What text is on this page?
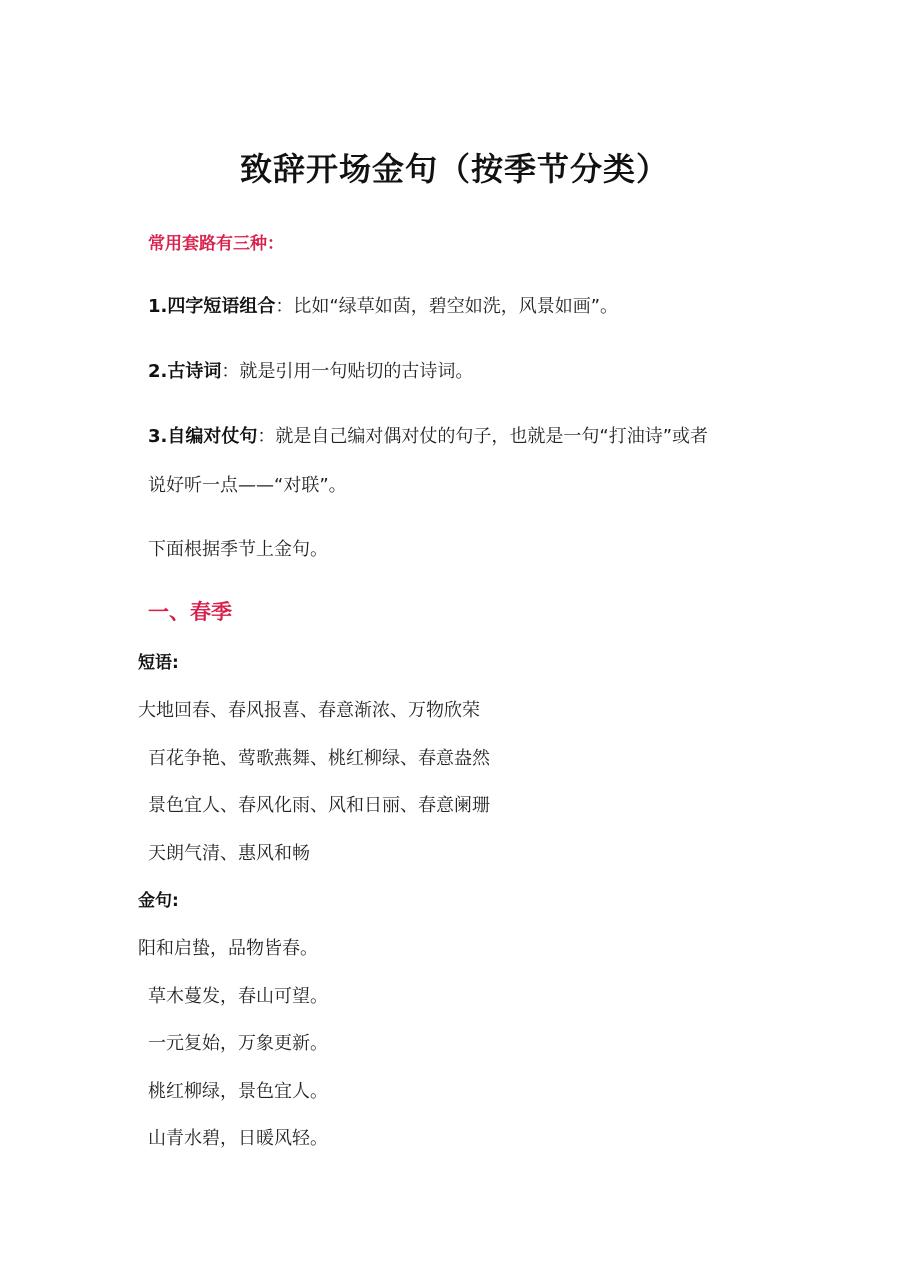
致辞开场金句（按季节分类）
常用套路有三种：
1.四字短语组合：比如“绿草如茵，碧空如洗，风景如画”。
2.古诗词：就是引用一句贴切的古诗词。
3.自编对仗句：就是自己编对偶对仗的句子，也就是一句“打油诗”或者
说好听一点——“对联”。
下面根据季节上金句。
一、春季
短语:
大地回春、春风报喜、春意渐浓、万物欣荣
百花争艳、莺歌燕舞、桃红柳绿、春意盎然
景色宜人、春风化雨、风和日丽、春意阑珊
天朗气清、惠风和畅
金句:
阳和启蛰，品物皆春。
草木蔓发，春山可望。
一元复始，万象更新。
桃红柳绿，景色宜人。
山青水碧，日暖风轻。
